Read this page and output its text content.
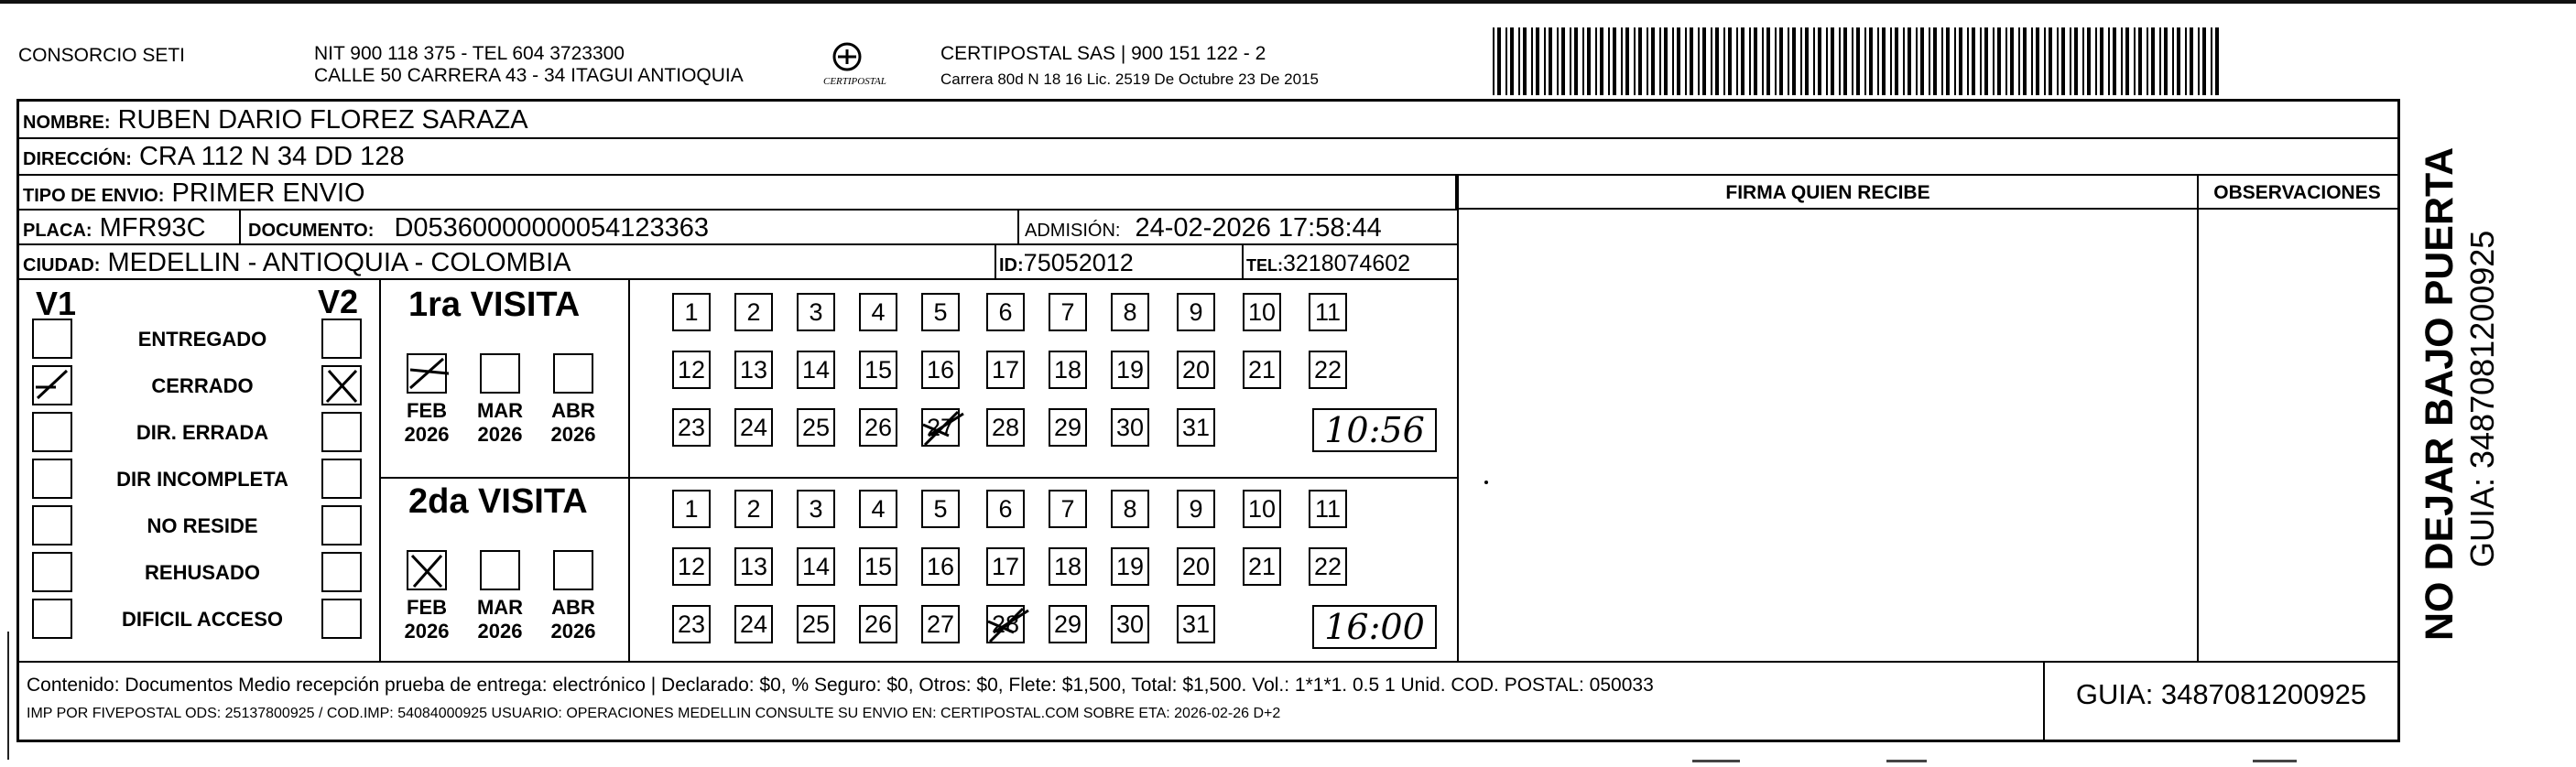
CONSORCIO SETI	NIT 900 118 375 - TEL 604 3723300
CALLE 50 CARRERA 43 - 34 ITAGUI ANTIOQUIA	CERTIPOSTAL
CERTIPOSTAL SAS | 900 151 122 - 2
Carrera 80d N 18 16 Lic. 2519 De Octubre 23 De 2015
NOMBRE: RUBEN DARIO FLOREZ SARAZA
DIRECCIÓN: CRA 112 N 34 DD 128
TIPO DE ENVIO: PRIMER ENVIO
PLACA: MFR93C	DOCUMENTO: D05360000000054123363	ADMISIÓN: 24-02-2026 17:58:44
CIUDAD: MEDELLIN - ANTIOQUIA - COLOMBIA	ID:75052012	TEL:3218074602
FIRMA QUIEN RECIBE	OBSERVACIONES
V1	V2
ENTREGADO
CERRADO
DIR. ERRADA
DIR INCOMPLETA
NO RESIDE
REHUSADO
DIFICIL ACCESO
1ra VISITA
FEB
2026
MAR
2026
ABR
2026
1	2	3	4	5	6	7	8	9	10 11
12 13 14 15 16 17 18 19 20 21 22
23 24 25 26 27 28 29 30 31	10:56
2da VISITA
FEB
2026
MAR
2026
ABR
2026
1	2	3	4	5	6	7	8	9	10 11
12 13 14 15 16 17 18 19 20 21 22
23 24 25 26 27 28 29 30 31	16:00
Contenido: Documentos Medio recepción prueba de entrega: electrónico | Declarado: $0, % Seguro: $0, Otros: $0, Flete: $1,500, Total: $1,500. Vol.: 1*1*1. 0.5 1 Unid. COD. POSTAL: 050033
IMP POR FIVEPOSTAL ODS: 25137800925 / COD.IMP: 54084000925 USUARIO: OPERACIONES MEDELLIN CONSULTE SU ENVIO EN: CERTIPOSTAL.COM SOBRE ETA: 2026-02-26 D+2
GUIA: 3487081200925
NO DEJAR BAJO PUERTA GUIA: 3487081200925
